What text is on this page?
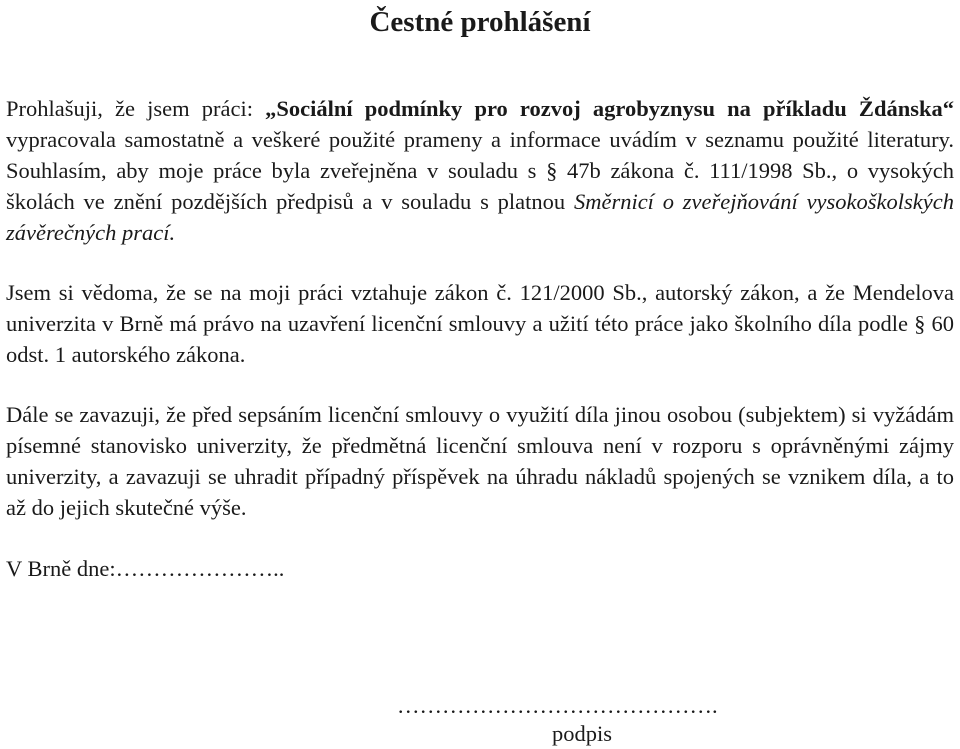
Čestné prohlášení

Prohlašuji, že jsem práci: „Sociální podmínky pro rozvoj agrobyznysu na příkladu Ždánska“ vypracovala samostatně a veškeré použité prameny a informace uvádím v seznamu použité literatury. Souhlasím, aby moje práce byla zveřejněna v souladu s § 47b zákona č. 111/1998 Sb., o vysokých školách ve znění pozdějších předpisů a v souladu s platnou Směrnicí o zveřejňování vysokoškolských závěrečných prací.

Jsem si vědoma, že se na moji práci vztahuje zákon č. 121/2000 Sb., autorský zákon, a že Mendelova univerzita v Brně má právo na uzavření licenční smlouvy a užití této práce jako školního díla podle § 60 odst. 1 autorského zákona.

Dále se zavazuji, že před sepsáním licenční smlouvy o využití díla jinou osobou (subjektem) si vyžádám písemné stanovisko univerzity, že předmětná licenční smlouva není v rozporu s oprávněnými zájmy univerzity, a zavazuji se uhradit případný příspěvek na úhradu nákladů spojených se vznikem díla, a to až do jejich skutečné výše.

V Brně dne:…………………..

…………………………………….

podpis
